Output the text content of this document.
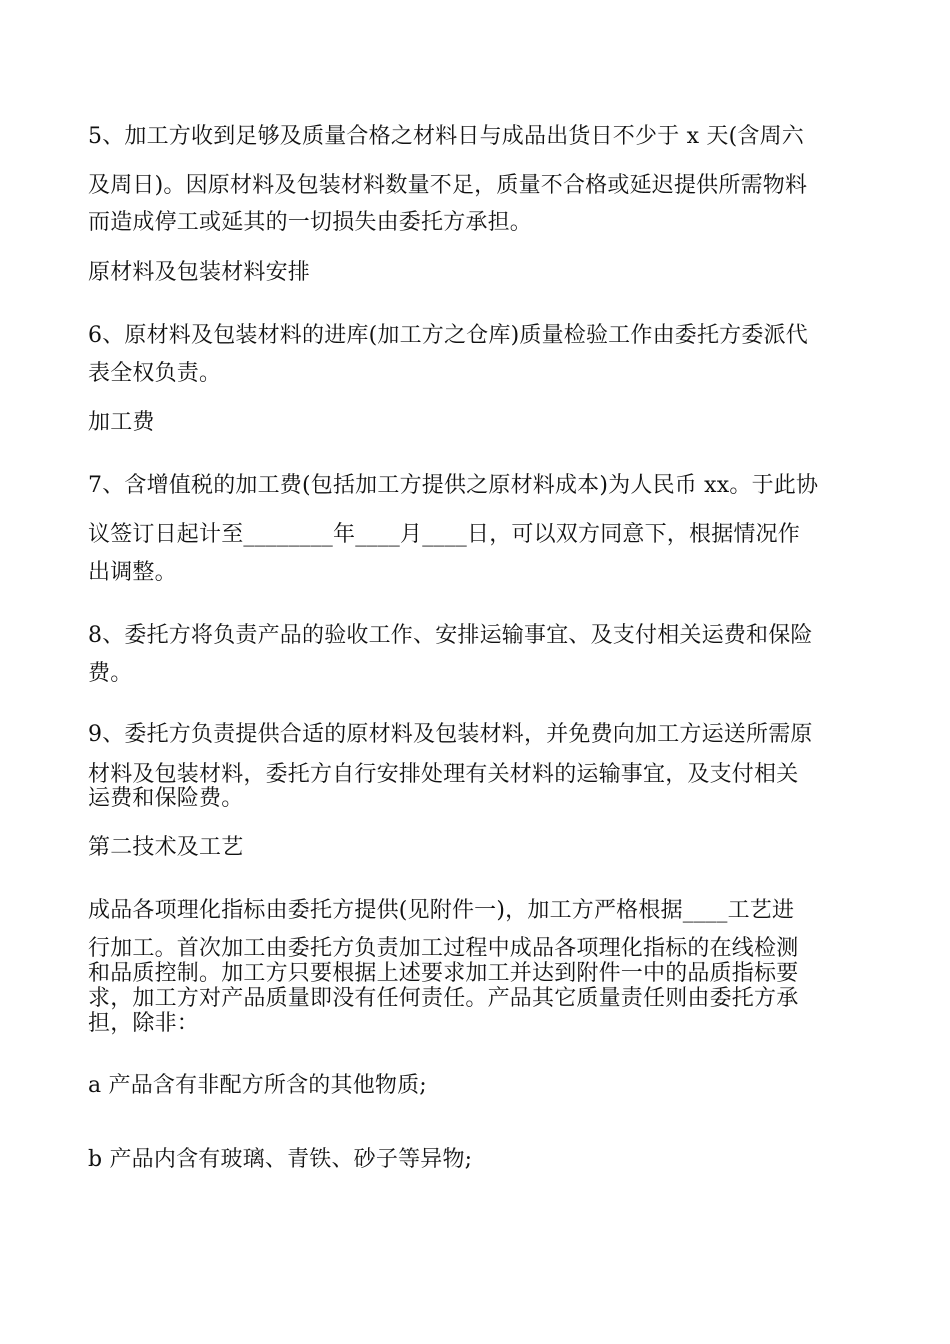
5、加工方收到足够及质量合格之材料日与成品出货日不少于 x 天(含周六
及周日)。因原材料及包装材料数量不足，质量不合格或延迟提供所需物料
而造成停工或延其的一切损失由委托方承担。
原材料及包装材料安排
6、原材料及包装材料的进库(加工方之仓库)质量检验工作由委托方委派代
表全权负责。
加工费
7、含增值税的加工费(包括加工方提供之原材料成本)为人民币 xx。于此协
议签订日起计至________年____月____日，可以双方同意下，根据情况作
出调整。
8、委托方将负责产品的验收工作、安排运输事宜、及支付相关运费和保险
费。
9、委托方负责提供合适的原材料及包装材料，并免费向加工方运送所需原
材料及包装材料，委托方自行安排处理有关材料的运输事宜，及支付相关
运费和保险费。
第二技术及工艺
成品各项理化指标由委托方提供(见附件一)，加工方严格根据____工艺进
行加工。首次加工由委托方负责加工过程中成品各项理化指标的在线检测
和品质控制。加工方只要根据上述要求加工并达到附件一中的品质指标要
求，加工方对产品质量即没有任何责任。产品其它质量责任则由委托方承
担，除非：
a 产品含有非配方所含的其他物质;
b 产品内含有玻璃、青铁、砂子等异物;
